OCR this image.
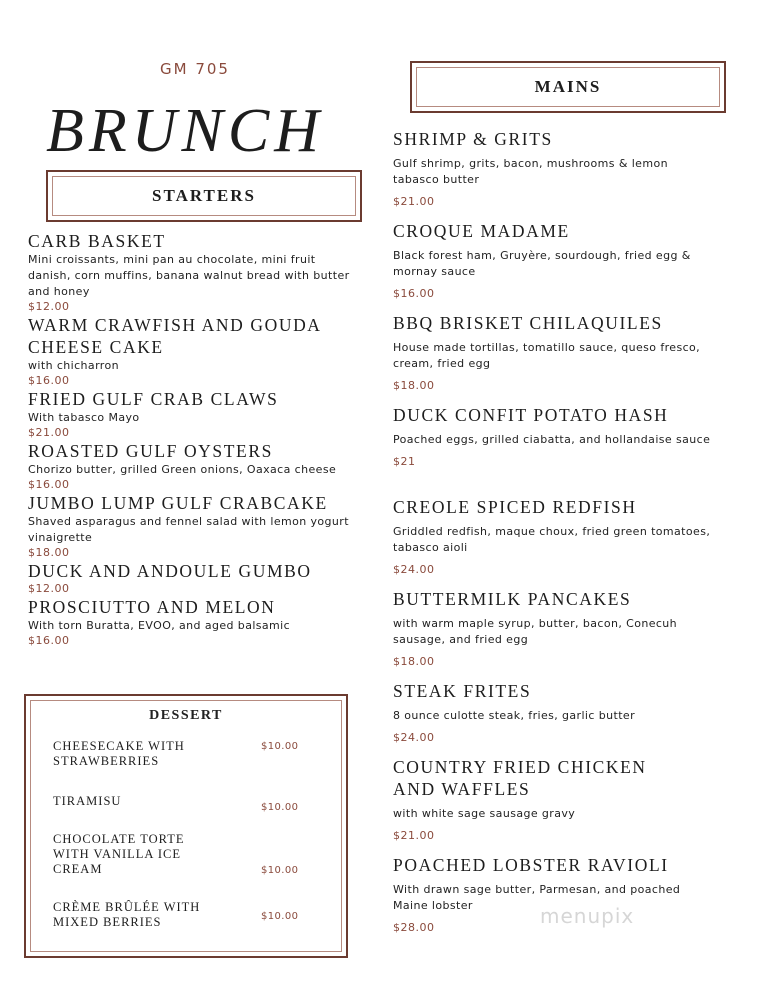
GM 705
BRUNCH
STARTERS
CARB BASKET
Mini croissants, mini pan au chocolate, mini fruit danish, corn muffins, banana walnut bread with butter and honey
$12.00
WARM CRAWFISH AND GOUDA CHEESE CAKE
with chicharron
$16.00
FRIED GULF CRAB CLAWS
With tabasco Mayo
$21.00
ROASTED GULF OYSTERS
Chorizo butter, grilled Green onions, Oaxaca cheese
$16.00
JUMBO LUMP GULF CRABCAKE
Shaved asparagus and fennel salad with lemon yogurt vinaigrette
$18.00
DUCK AND ANDOULE GUMBO
$12.00
PROSCIUTTO AND MELON
With torn Buratta, EVOO, and aged balsamic
$16.00
DESSERT
CHEESECAKE WITH STRAWBERRIES
$10.00
TIRAMISU	$10.00
CHOCOLATE TORTE WITH VANILLA ICE CREAM	$10.00
CRÈME BRÛLÉE WITH MIXED BERRIES	$10.00
MAINS
SHRIMP & GRITS
Gulf shrimp, grits, bacon, mushrooms & lemon tabasco butter
$21.00
CROQUE MADAME
Black forest ham, Gruyère, sourdough, fried egg & mornay sauce
$16.00
BBQ BRISKET CHILAQUILES
House made tortillas, tomatillo sauce, queso fresco, cream, fried egg
$18.00
DUCK CONFIT POTATO HASH
Poached eggs, grilled ciabatta, and hollandaise sauce
$21
CREOLE SPICED REDFISH
Griddled redfish, maque choux, fried green tomatoes, tabasco aioli
$24.00
BUTTERMILK PANCAKES
with warm maple syrup, butter, bacon, Conecuh sausage, and fried egg
$18.00
STEAK FRITES
8 ounce culotte steak, fries, garlic butter
$24.00
COUNTRY FRIED CHICKEN AND WAFFLES
with white sage sausage gravy
$21.00
POACHED LOBSTER RAVIOLI
With drawn sage butter, Parmesan, and poached Maine lobster
$28.00	menupix
